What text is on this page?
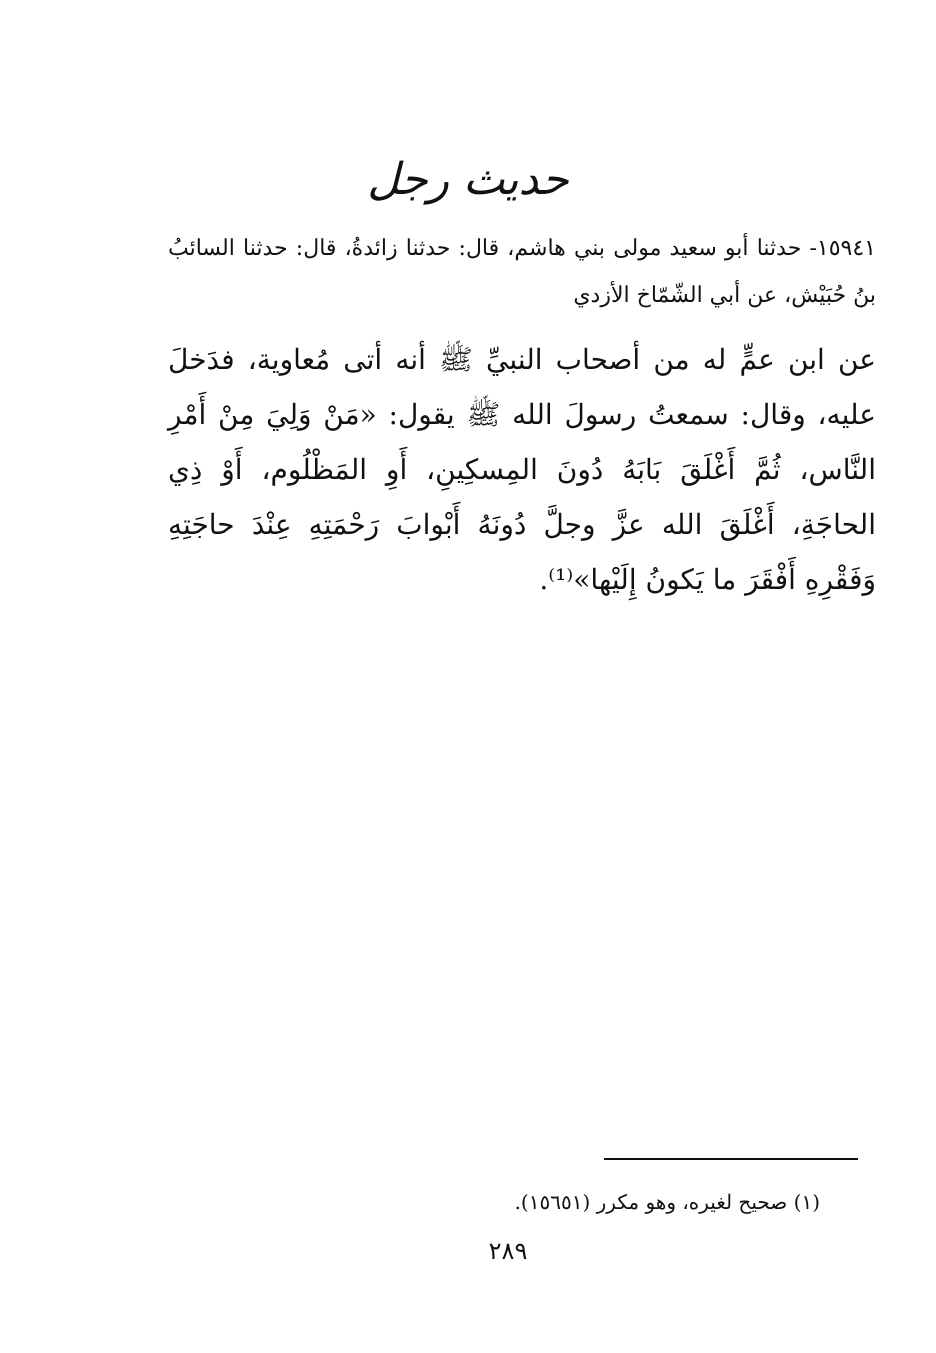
حديث رجل

١٥٩٤١- حدثنا أبو سعيد مولى بني هاشم، قال: حدثنا زائدةُ، قال: حدثنا السائبُ بنُ حُبَيْش، عن أبي الشّمّاخ الأزدي

عن ابن عمٍّ له من أصحاب النبيِّ ﷺ أنه أتى مُعاوية، فدَخلَ عليه، وقال: سمعتُ رسولَ الله ﷺ يقول: «مَنْ وَلِيَ مِنْ أَمْرِ النَّاس، ثُمَّ أَغْلَقَ بَابَهُ دُونَ المِسكِينِ، أَوِ المَظْلُوم، أَوْ ذِي الحاجَةِ، أَغْلَقَ الله عزَّ وجلَّ دُونَهُ أَبْوابَ رَحْمَتِهِ عِنْدَ حاجَتِهِ وَفَقْرِهِ أَفْقَرَ ما يَكونُ إِلَيْها»⁽¹⁾.

(١) صحيح لغيره، وهو مكرر (١٥٦٥١).
٢٨٩
